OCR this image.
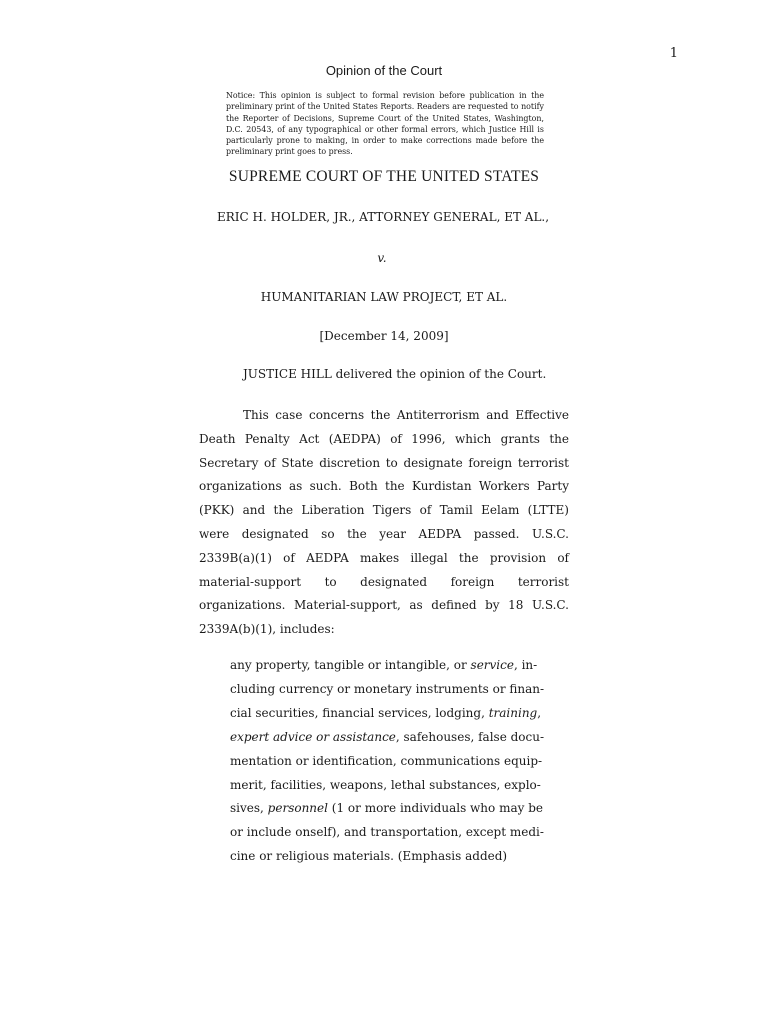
1
Opinion of the Court

Notice: This opinion is subject to formal revision before publication in the preliminary print of the United States Reports. Readers are requested to notify the Reporter of Decisions, Supreme Court of the United States, Washington, D.C. 20543, of any typographical or other formal errors, which Justice Hill is particularly prone to making, in order to make corrections made before the preliminary print goes to press.

SUPREME COURT OF THE UNITED STATES
ERIC H. HOLDER, JR., ATTORNEY GENERAL, ET AL.,
v.
HUMANITARIAN LAW PROJECT, ET AL.
[December 14, 2009]

JUSTICE HILL delivered the opinion of the Court.

This case concerns the Antiterrorism and Effective
Death Penalty Act (AEDPA) of 1996, which grants the
Secretary of State discretion to designate foreign terrorist
organizations as such. Both the Kurdistan Workers Party
(PKK) and the Liberation Tigers of Tamil Eelam (LTTE)
were designated so the year AEDPA passed. U.S.C.
2339B(a)(1) of AEDPA makes illegal the provision of
material-support to designated foreign terrorist
organizations. Material-support, as defined by 18 U.S.C.
2339A(b)(1), includes:
any property, tangible or intangible, or service, in-
cluding currency or monetary instruments or finan-
cial securities, financial services, lodging, training,
expert advice or assistance, safehouses, false docu-
mentation or identification, communications equip-
merit, facilities, weapons, lethal substances, explo-
sives, personnel (1 or more individuals who may be
or include onself), and transportation, except medi-
cine or religious materials. (Emphasis added)
